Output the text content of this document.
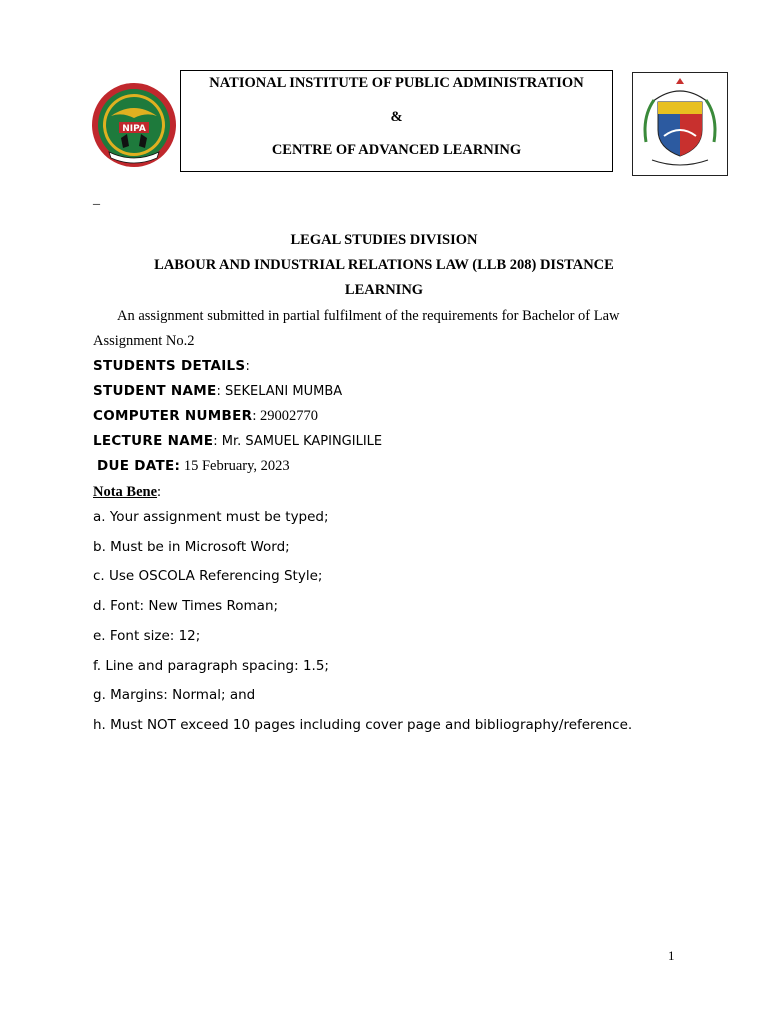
NIPA
NATIONAL INSTITUTE OF PUBLIC ADMINISTRATION
&
CENTRE OF ADVANCED LEARNING
_
LEGAL STUDIES DIVISION
LABOUR AND INDUSTRIAL RELATIONS LAW (LLB 208) DISTANCE
LEARNING
An assignment submitted in partial fulfilment of the requirements for Bachelor of Law
Assignment No.2
STUDENTS DETAILS:
STUDENT NAME: SEKELANI MUMBA
COMPUTER NUMBER: 29002770
LECTURE NAME: Mr. SAMUEL KAPINGILILE
DUE DATE: 15 February, 2023
Nota Bene:
a. Your assignment must be typed;
b. Must be in Microsoft Word;
c. Use OSCOLA Referencing Style;
d. Font: New Times Roman;
e. Font size: 12;
f. Line and paragraph spacing: 1.5;
g. Margins: Normal; and
h. Must NOT exceed 10 pages including cover page and bibliography/reference.
1
